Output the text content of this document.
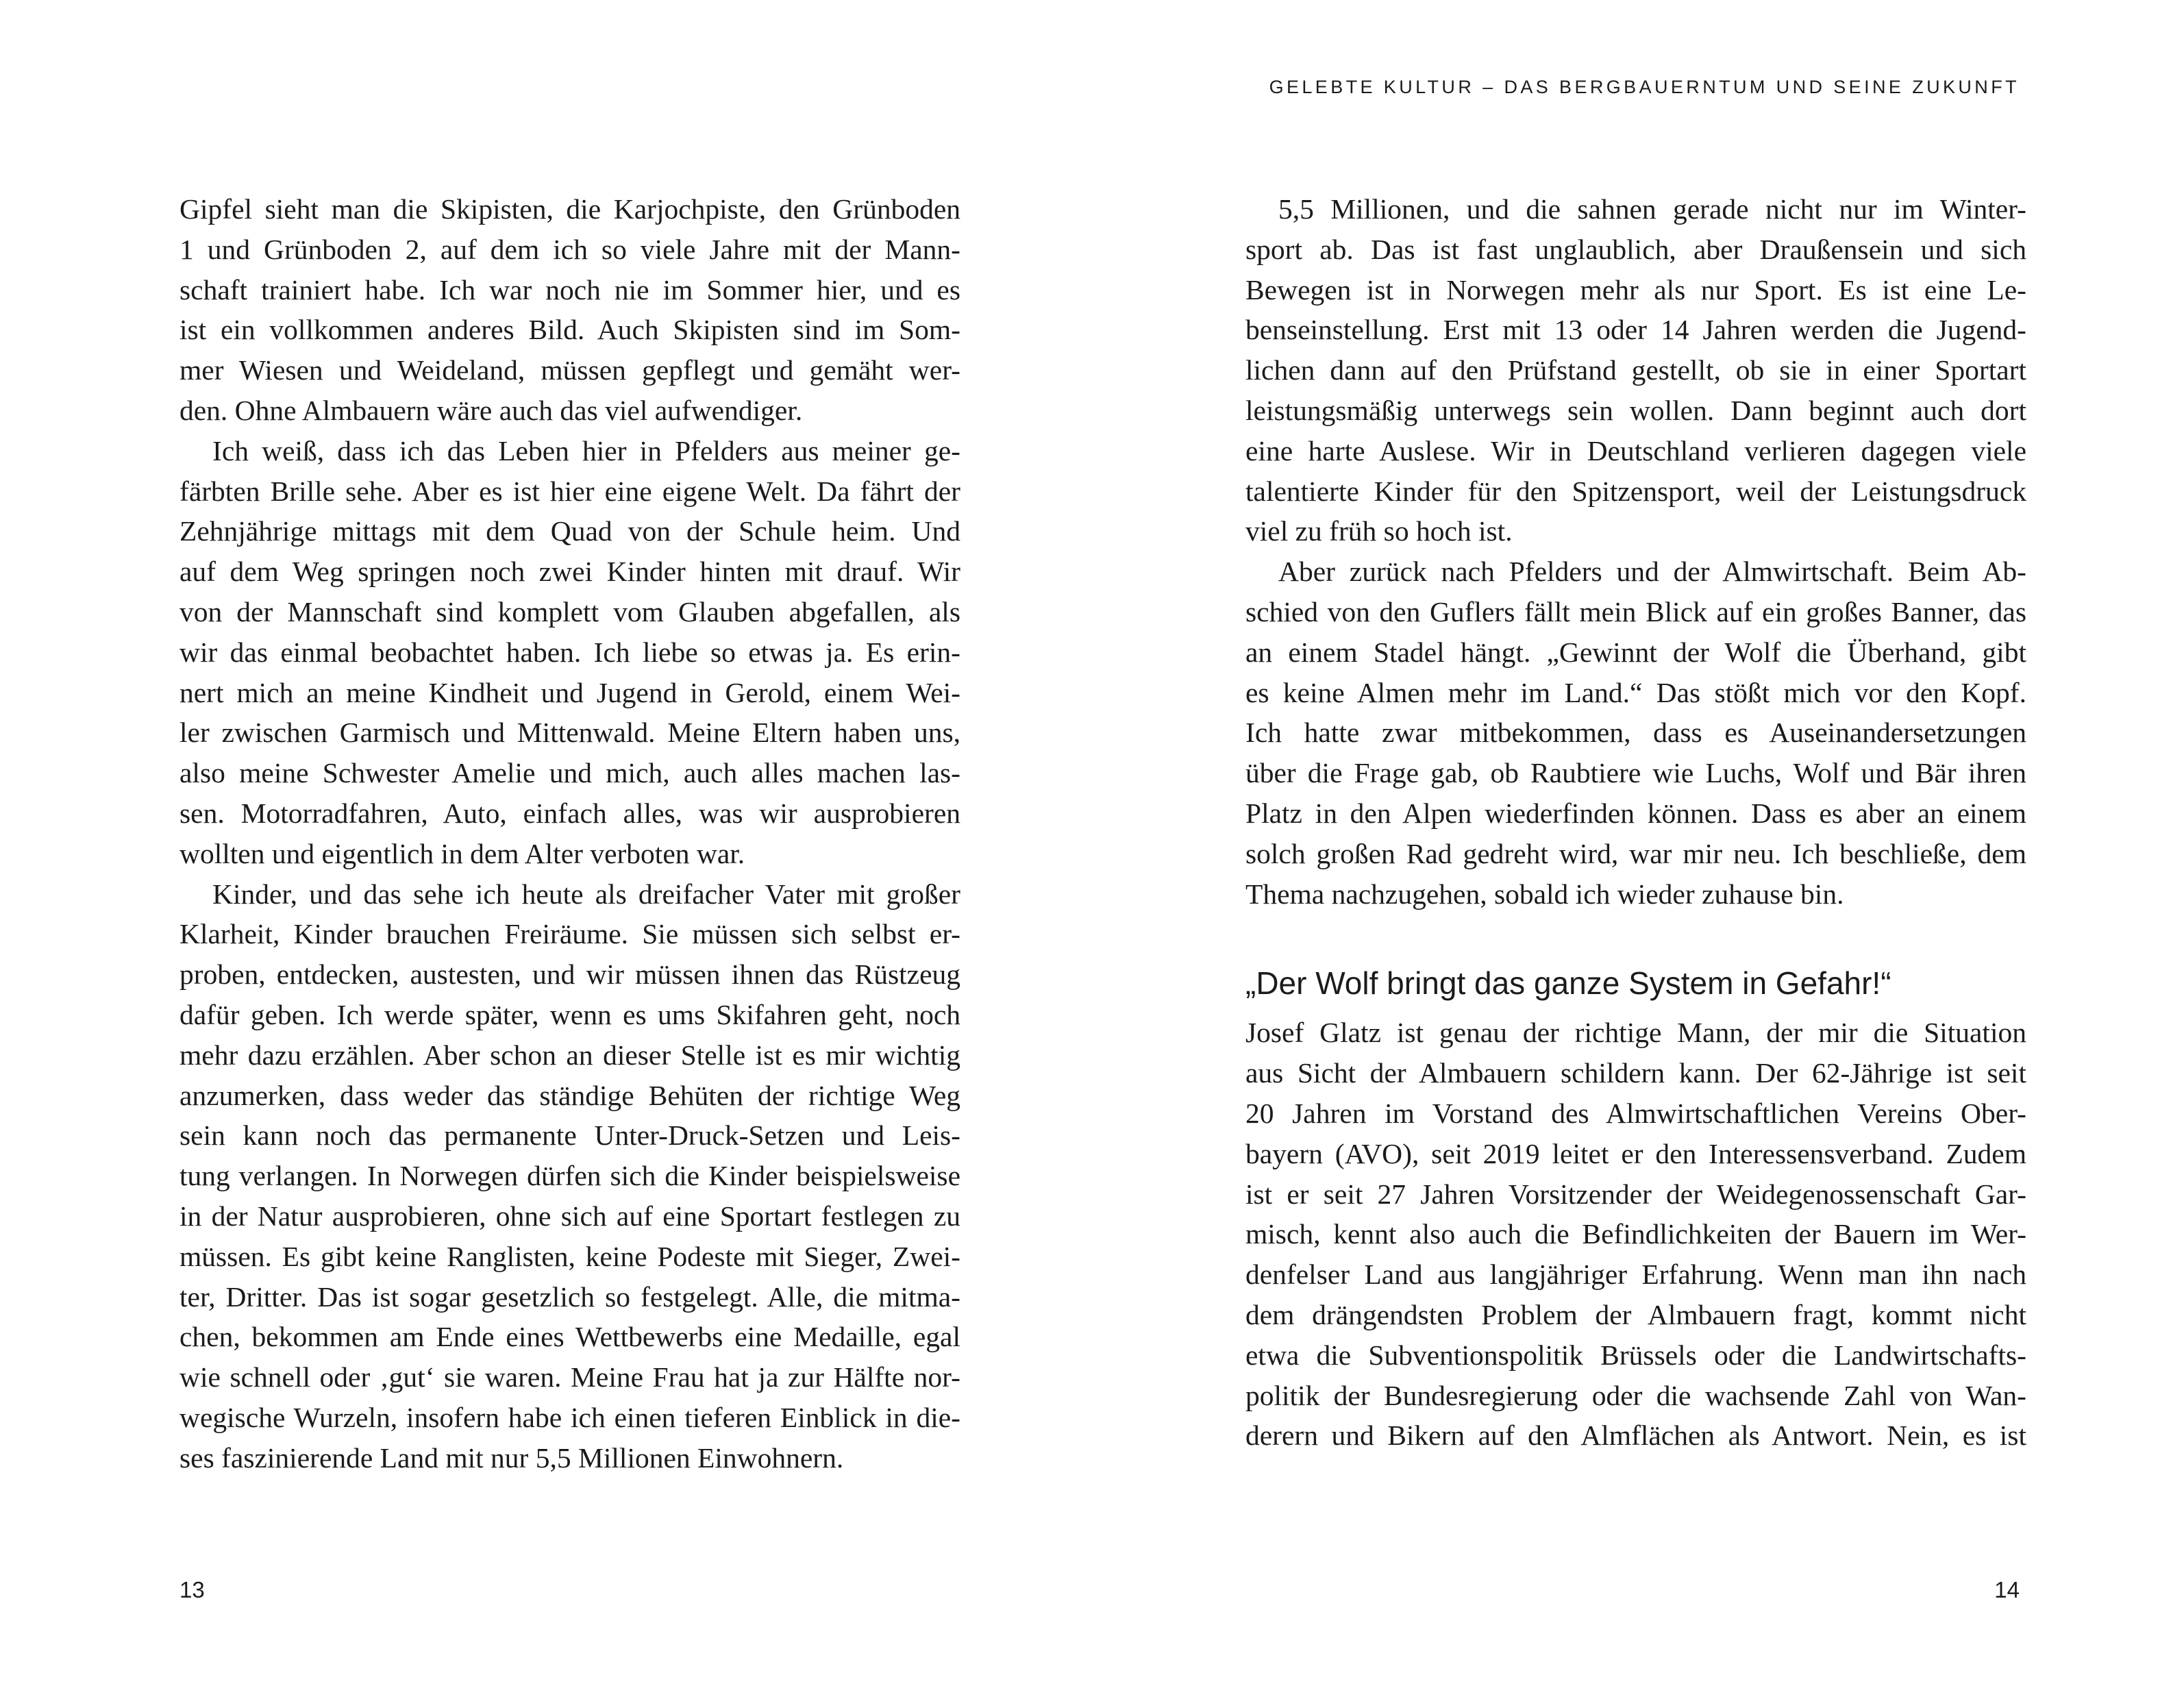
GELEBTE KULTUR – DAS BERGBAUERNTUM UND SEINE ZUKUNFT
Gipfel sieht man die Skipisten, die Karjochpiste, den Grünboden
1 und Grünboden 2, auf dem ich so viele Jahre mit der Mann-
schaft trainiert habe. Ich war noch nie im Sommer hier, und es
ist ein vollkommen anderes Bild. Auch Skipisten sind im Som-
mer Wiesen und Weideland, müssen gepflegt und gemäht wer-
den. Ohne Almbauern wäre auch das viel aufwendiger.
Ich weiß, dass ich das Leben hier in Pfelders aus meiner ge-
färbten Brille sehe. Aber es ist hier eine eigene Welt. Da fährt der
Zehnjährige mittags mit dem Quad von der Schule heim. Und
auf dem Weg springen noch zwei Kinder hinten mit drauf. Wir
von der Mannschaft sind komplett vom Glauben abgefallen, als
wir das einmal beobachtet haben. Ich liebe so etwas ja. Es erin-
nert mich an meine Kindheit und Jugend in Gerold, einem Wei-
ler zwischen Garmisch und Mittenwald. Meine Eltern haben uns,
also meine Schwester Amelie und mich, auch alles machen las-
sen. Motorradfahren, Auto, einfach alles, was wir ausprobieren
wollten und eigentlich in dem Alter verboten war.
Kinder, und das sehe ich heute als dreifacher Vater mit großer
Klarheit, Kinder brauchen Freiräume. Sie müssen sich selbst er-
proben, entdecken, austesten, und wir müssen ihnen das Rüstzeug
dafür geben. Ich werde später, wenn es ums Skifahren geht, noch
mehr dazu erzählen. Aber schon an dieser Stelle ist es mir wichtig
anzumerken, dass weder das ständige Behüten der richtige Weg
sein kann noch das permanente Unter-Druck-Setzen und Leis-
tung verlangen. In Norwegen dürfen sich die Kinder beispielsweise
in der Natur ausprobieren, ohne sich auf eine Sportart festlegen zu
müssen. Es gibt keine Ranglisten, keine Podeste mit Sieger, Zwei-
ter, Dritter. Das ist sogar gesetzlich so festgelegt. Alle, die mitma-
chen, bekommen am Ende eines Wettbewerbs eine Medaille, egal
wie schnell oder ‚gut‘ sie waren. Meine Frau hat ja zur Hälfte nor-
wegische Wurzeln, insofern habe ich einen tieferen Einblick in die-
ses faszinierende Land mit nur 5,5 Millionen Einwohnern.
5,5 Millionen, und die sahnen gerade nicht nur im Winter-
sport ab. Das ist fast unglaublich, aber Draußensein und sich
Bewegen ist in Norwegen mehr als nur Sport. Es ist eine Le-
benseinstellung. Erst mit 13 oder 14 Jahren werden die Jugend-
lichen dann auf den Prüfstand gestellt, ob sie in einer Sportart
leistungsmäßig unterwegs sein wollen. Dann beginnt auch dort
eine harte Auslese. Wir in Deutschland verlieren dagegen viele
talentierte Kinder für den Spitzensport, weil der Leistungsdruck
viel zu früh so hoch ist.
Aber zurück nach Pfelders und der Almwirtschaft. Beim Ab-
schied von den Guflers fällt mein Blick auf ein großes Banner, das
an einem Stadel hängt. „Gewinnt der Wolf die Überhand, gibt
es keine Almen mehr im Land.“ Das stößt mich vor den Kopf.
Ich hatte zwar mitbekommen, dass es Auseinandersetzungen
über die Frage gab, ob Raubtiere wie Luchs, Wolf und Bär ihren
Platz in den Alpen wiederfinden können. Dass es aber an einem
solch großen Rad gedreht wird, war mir neu. Ich beschließe, dem
Thema nachzugehen, sobald ich wieder zuhause bin.
„Der Wolf bringt das ganze System in Gefahr!“
Josef Glatz ist genau der richtige Mann, der mir die Situation
aus Sicht der Almbauern schildern kann. Der 62-Jährige ist seit
20 Jahren im Vorstand des Almwirtschaftlichen Vereins Ober-
bayern (AVO), seit 2019 leitet er den Interessensverband. Zudem
ist er seit 27 Jahren Vorsitzender der Weidegenossenschaft Gar-
misch, kennt also auch die Befindlichkeiten der Bauern im Wer-
denfelser Land aus langjähriger Erfahrung. Wenn man ihn nach
dem drängendsten Problem der Almbauern fragt, kommt nicht
etwa die Subventionspolitik Brüssels oder die Landwirtschafts-
politik der Bundesregierung oder die wachsende Zahl von Wan-
derern und Bikern auf den Almflächen als Antwort. Nein, es ist
13	14
